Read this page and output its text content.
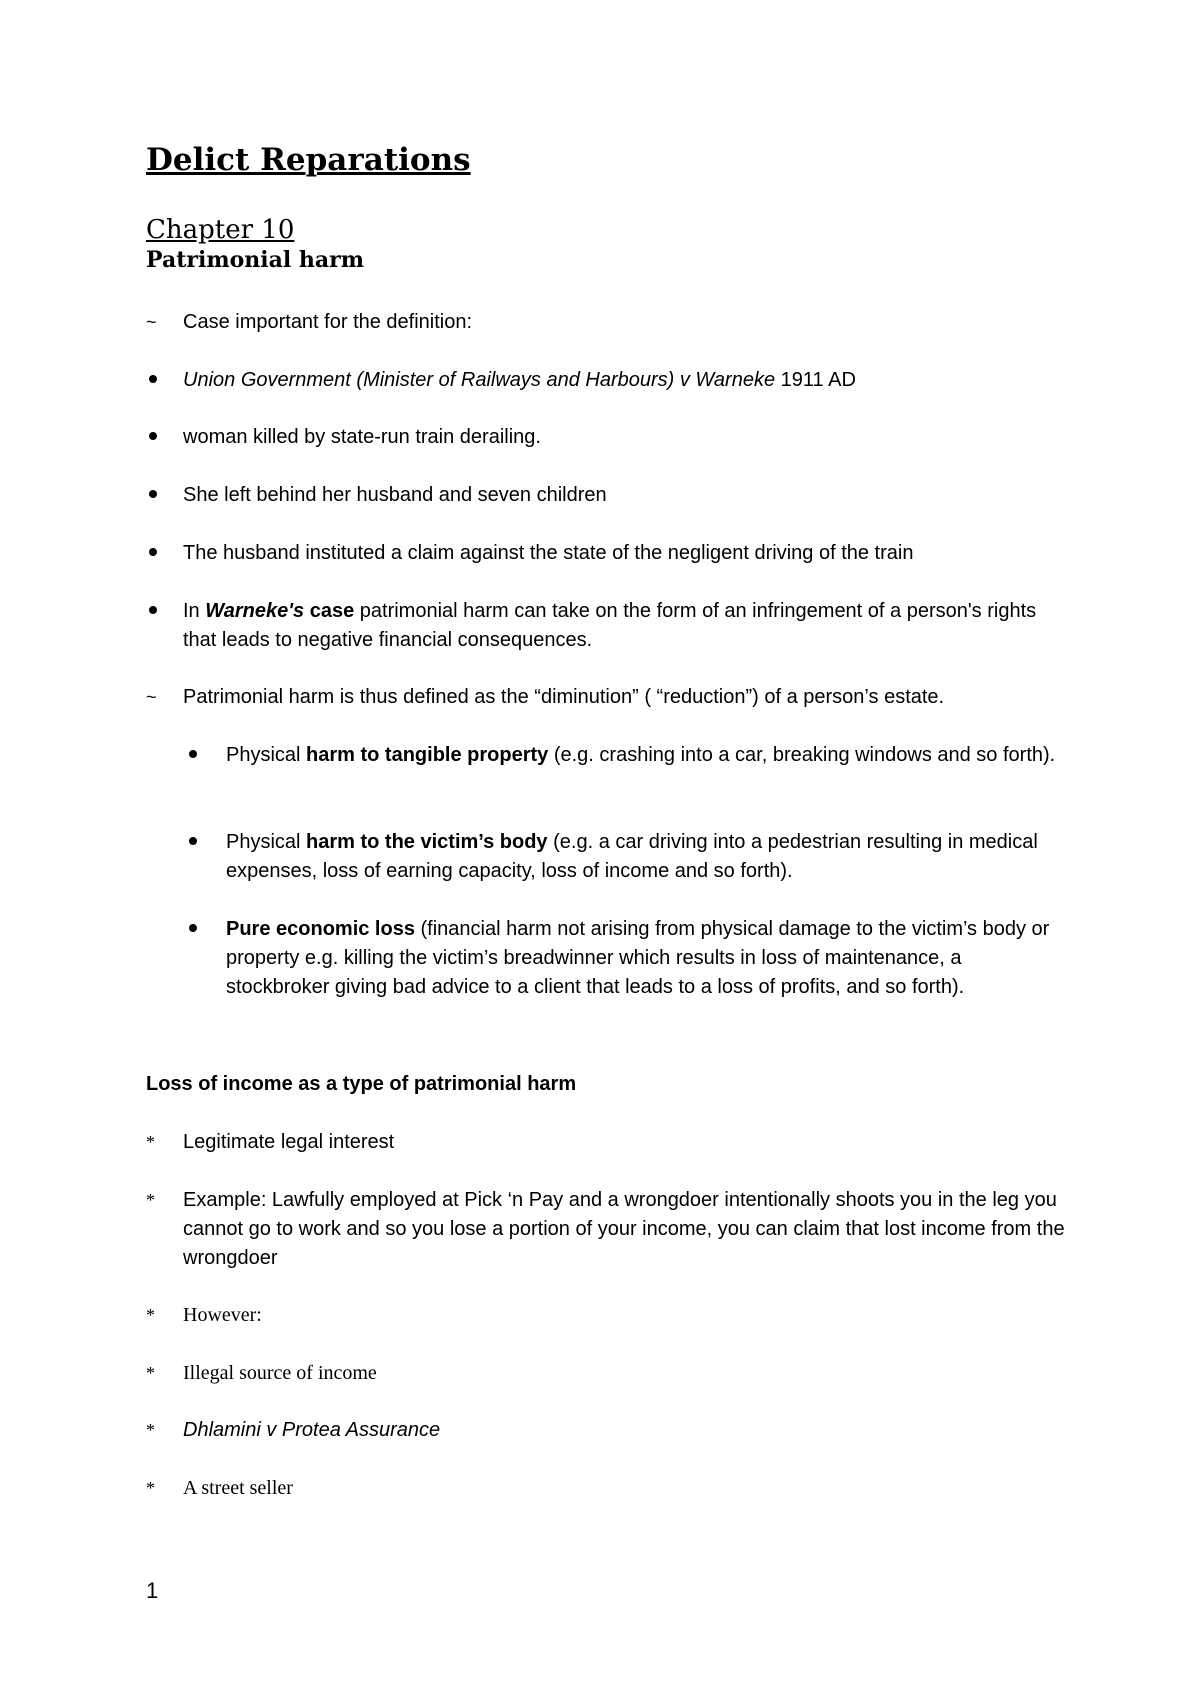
Delict Reparations
Chapter 10
Patrimonial harm
~	Case important for the definition:
Union Government (Minister of Railways and Harbours) v Warneke 1911 AD
woman killed by state-run train derailing.
She left behind her husband and seven children
The husband instituted a claim against the state of the negligent driving of the train
In Warneke's case patrimonial harm can take on the form of an infringement of a person's rights that leads to negative financial consequences.
~	Patrimonial harm is thus defined as the “diminution” ( “reduction”) of a person’s estate.
Physical harm to tangible property (e.g. crashing into a car, breaking windows and so forth).
Physical harm to the victim’s body (e.g. a car driving into a pedestrian resulting in medical expenses, loss of earning capacity, loss of income and so forth).
Pure economic loss (financial harm not arising from physical damage to the victim’s body or property e.g. killing the victim’s breadwinner which results in loss of maintenance, a stockbroker giving bad advice to a client that leads to a loss of profits, and so forth).
Loss of income as a type of patrimonial harm
*	Legitimate legal interest
*	Example: Lawfully employed at Pick ‘n Pay and a wrongdoer intentionally shoots you in the leg you cannot go to work and so you lose a portion of your income, you can claim that lost income from the wrongdoer
*	However:
*	Illegal source of income
*	Dhlamini v Protea Assurance
*	A street seller
1
